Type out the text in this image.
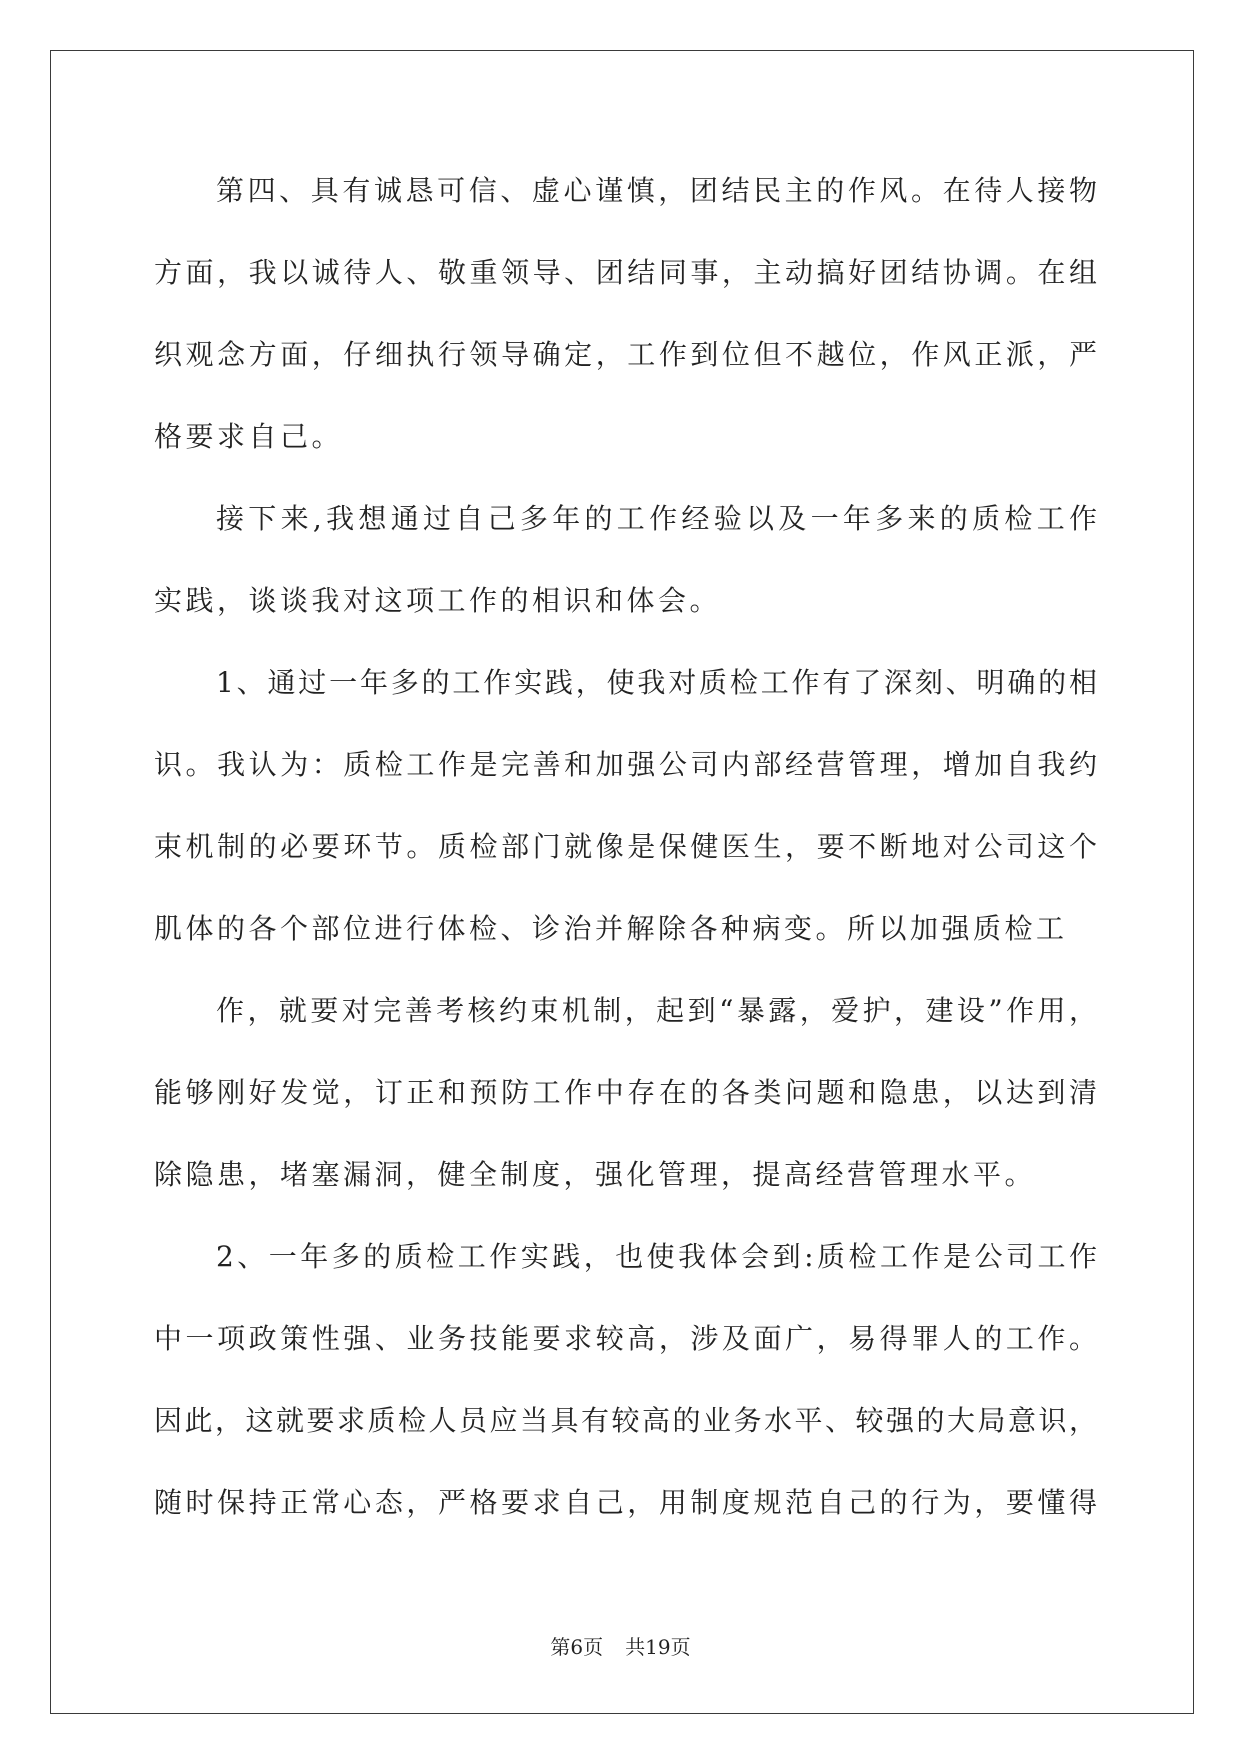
第四、具有诚恳可信、虚心谨慎，团结民主的作风。在待人接物
方面，我以诚待人、敬重领导、团结同事，主动搞好团结协调。在组
织观念方面，仔细执行领导确定，工作到位但不越位，作风正派，严
格要求自己。
接下来,我想通过自己多年的工作经验以及一年多来的质检工作
实践，谈谈我对这项工作的相识和体会。
1、通过一年多的工作实践，使我对质检工作有了深刻、明确的相
识。我认为：质检工作是完善和加强公司内部经营管理，增加自我约
束机制的必要环节。质检部门就像是保健医生，要不断地对公司这个
肌体的各个部位进行体检、诊治并解除各种病变。所以加强质检工
作，就要对完善考核约束机制，起到“暴露，爱护，建设”作用，
能够刚好发觉，订正和预防工作中存在的各类问题和隐患，以达到清
除隐患，堵塞漏洞，健全制度，强化管理，提高经营管理水平。
2、一年多的质检工作实践，也使我体会到:质检工作是公司工作
中一项政策性强、业务技能要求较高，涉及面广，易得罪人的工作。
因此，这就要求质检人员应当具有较高的业务水平、较强的大局意识，
随时保持正常心态，严格要求自己，用制度规范自己的行为，要懂得
第6页 共19页
